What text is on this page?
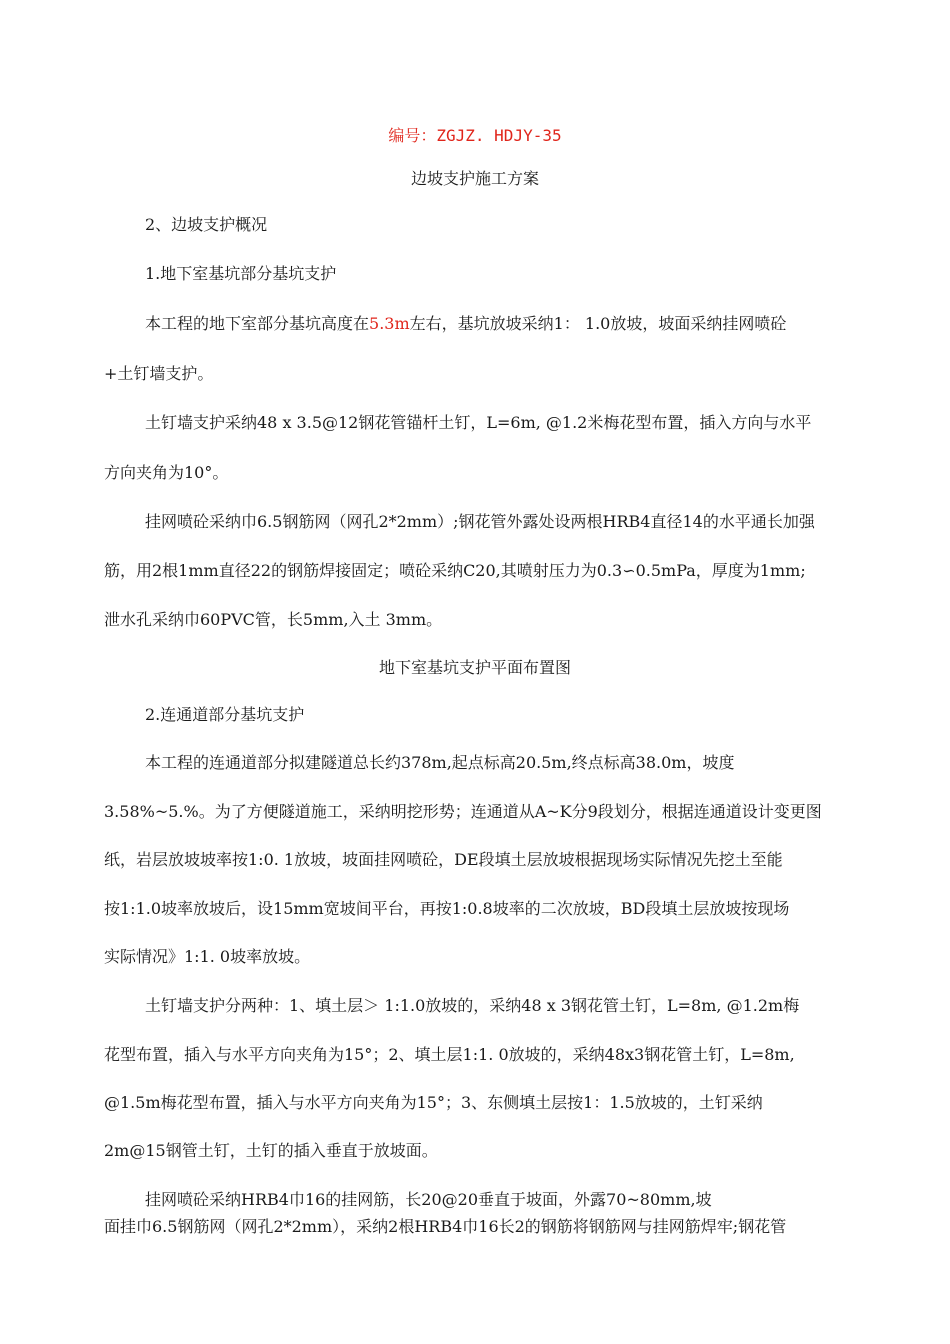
编号：ZGJZ. HDJY-35
边坡支护施工方案
2、边坡支护概况
1.地下室基坑部分基坑支护
本工程的地下室部分基坑高度在5.3m左右，基坑放坡采纳1： 1.0放坡，坡面采纳挂网喷砼
+土钉墙支护。
土钉墙支护采纳48 x 3.5@12钢花管锚杆土钉，L=6m, @1.2米梅花型布置，插入方向与水平
方向夹角为10°。
挂网喷砼采纳巾6.5钢筋网（网孔2*2mm）;钢花管外露处设两根HRB4直径14的水平通长加强
筋，用2根1mm直径22的钢筋焊接固定；喷砼采纳C20,其喷射压力为0.3∽0.5mPa，厚度为1mm;
泄水孔采纳巾60PVC管，长5mm,入土 3mm。
地下室基坑支护平面布置图
2.连通道部分基坑支护
本工程的连通道部分拟建隧道总长约378m,起点标高20.5m,终点标高38.0m，坡度
3.58%~5.%。为了方便隧道施工，采纳明挖形势；连通道从A~K分9段划分，根据连通道设计变更图
纸，岩层放坡坡率按1:0. 1放坡，坡面挂网喷砼，DE段填土层放坡根据现场实际情况先挖土至能
按1:1.0坡率放坡后，设15mm宽坡间平台，再按1:0.8坡率的二次放坡，BD段填土层放坡按现场
实际情况》1:1. 0坡率放坡。
土钉墙支护分两种：1、填土层＞ 1:1.0放坡的，采纳48 x 3钢花管土钉，L=8m, @1.2m梅
花型布置，插入与水平方向夹角为15°；2、填土层1:1. 0放坡的，采纳48x3钢花管土钉，L=8m,
@1.5m梅花型布置，插入与水平方向夹角为15°；3、东侧填土层按1：1.5放坡的，土钉采纳
2m@15钢管土钉，土钉的插入垂直于放坡面。
挂网喷砼采纳HRB4巾16的挂网筋，长20@20垂直于坡面，外露70~80mm,坡
面挂巾6.5钢筋网（网孔2*2mm），采纳2根HRB4巾16长2的钢筋将钢筋网与挂网筋焊牢;钢花管
